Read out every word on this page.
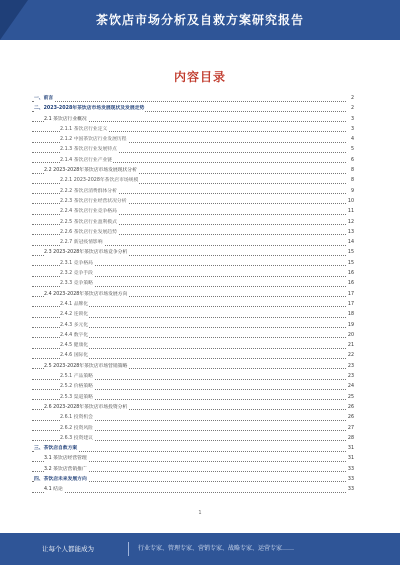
茶饮店市场分析及自救方案研究报告
内容目录
一、前言	2
二、2023-2028年茶饮店市场发展现状及发展走势	2
2.1 茶饮店行业概况	3
2.1.1 茶饮店行业定义	3
2.1.2 中国茶饮店行业发展历程	4
2.1.3 茶饮店行业发展特点	5
2.1.4 茶饮店行业产业链	6
2.2 2023-2028年茶饮店市场发展现状分析	8
2.2.1 2023-2028年茶饮店市场规模	8
2.2.2 茶饮店消费群体分析	9
2.2.3 茶饮店行业经营状况分析	10
2.2.4 茶饮店行业竞争格局	11
2.2.5 茶饮店行业盈利模式	12
2.2.6 茶饮店行业发展趋势	13
2.2.7 新冠疫情影响	14
2.3 2023-2028年茶饮店市场竞争分析	15
2.3.1 竞争格局	15
2.3.2 竞争手段	16
2.3.3 竞争策略	16
2.4 2023-2028年茶饮店市场发展方向	17
2.4.1 品牌化	17
2.4.2 连锁化	18
2.4.3 多元化	19
2.4.4 数字化	20
2.4.5 健康化	21
2.4.6 国际化	22
2.5 2023-2028年茶饮店市场营销策略	23
2.5.1 产品策略	23
2.5.2 价格策略	24
2.5.3 渠道策略	25
2.6 2023-2028年茶饮店市场投资分析	26
2.6.1 投资机会	26
2.6.2 投资风险	27
2.6.3 投资建议	28
三、茶饮店自救方案	31
3.1 茶饮店经营管理	31
3.2 茶饮店营销推广	33
四、茶饮店未来发展方向	33
4.1 结论	33
1
让每个人都能成为	行业专家、管理专家、营销专家、战略专家、运营专家……
